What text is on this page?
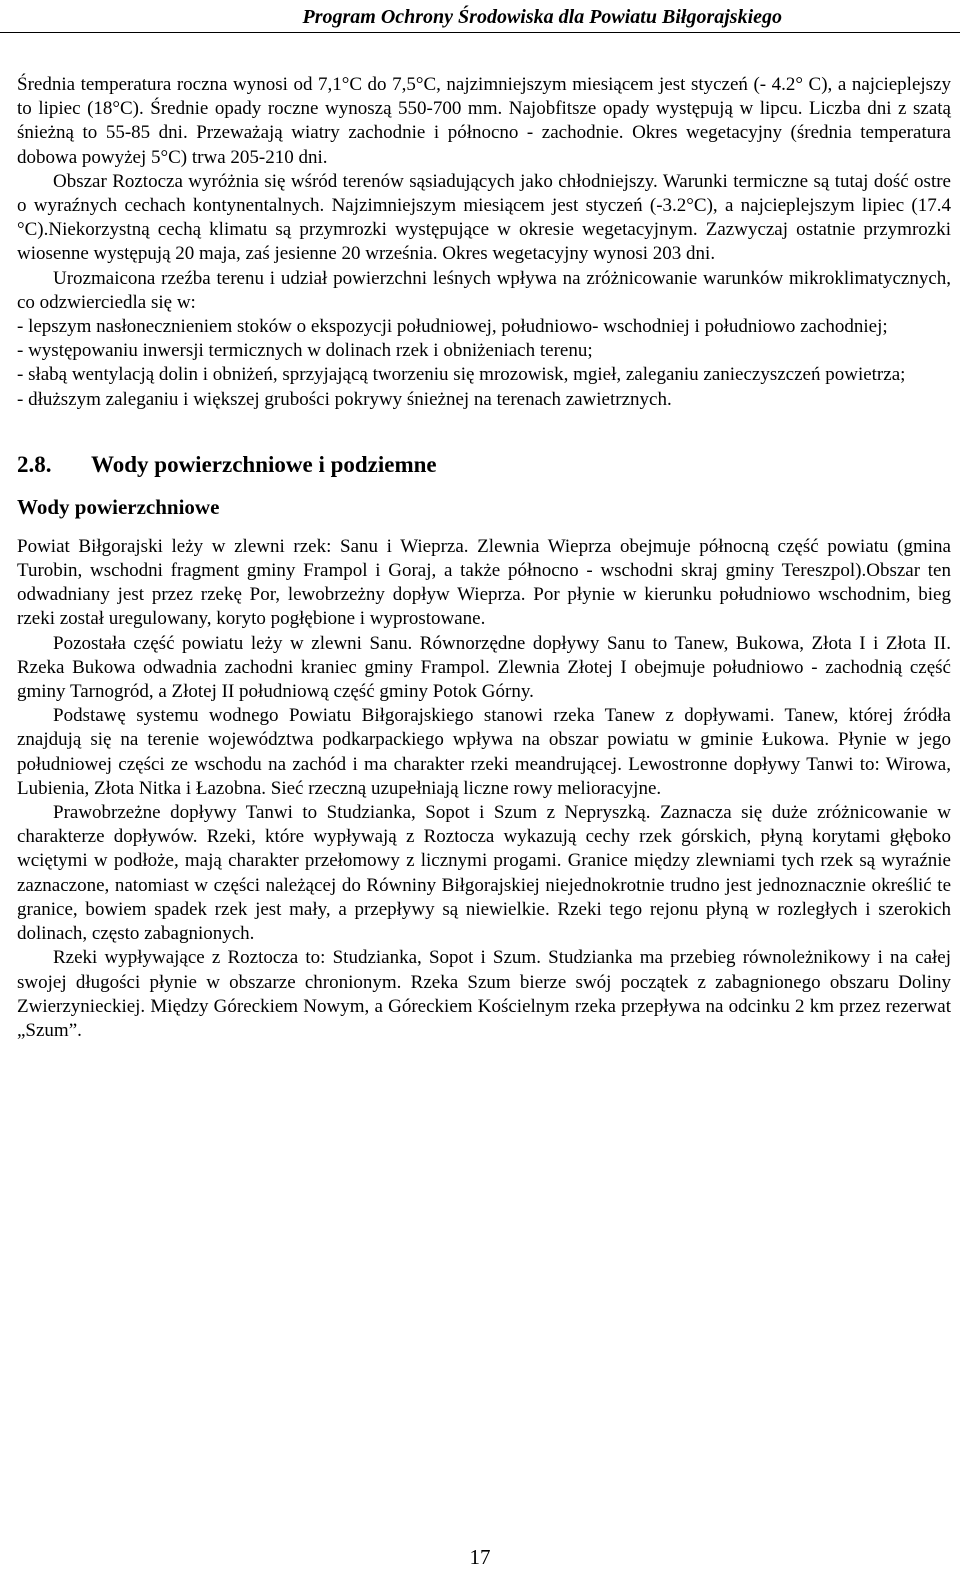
Program Ochrony Środowiska dla Powiatu Biłgorajskiego

Średnia temperatura roczna wynosi od 7,1°C do 7,5°C, najzimniejszym miesiącem jest styczeń (- 4.2° C), a najcieplejszy to lipiec (18°C). Średnie opady roczne wynoszą 550-700 mm. Najobfitsze opady występują w lipcu. Liczba dni z szatą śnieżną to 55-85 dni. Przeważają wiatry zachodnie i północno - zachodnie. Okres wegetacyjny (średnia temperatura dobowa powyżej 5°C) trwa 205-210 dni.

Obszar Roztocza wyróżnia się wśród terenów sąsiadujących jako chłodniejszy. Warunki termiczne są tutaj dość ostre o wyraźnych cechach kontynentalnych. Najzimniejszym miesiącem jest styczeń (-3.2°C), a najcieplejszym lipiec (17.4 °C).Niekorzystną cechą klimatu są przymrozki występujące w okresie wegetacyjnym. Zazwyczaj ostatnie przymrozki wiosenne występują 20 maja, zaś jesienne 20 września. Okres wegetacyjny wynosi 203 dni.

Urozmaicona rzeźba terenu i udział powierzchni leśnych wpływa na zróżnicowanie warunków mikroklimatycznych, co odzwierciedla się w:

- lepszym nasłonecznieniem stoków o ekspozycji południowej, południowo- wschodniej i południowo zachodniej;

- występowaniu inwersji termicznych w dolinach rzek i obniżeniach terenu;

- słabą wentylacją dolin i obniżeń, sprzyjającą tworzeniu się mrozowisk, mgieł, zaleganiu zanieczyszczeń powietrza;

- dłuższym zaleganiu i większej grubości pokrywy śnieżnej na terenach zawietrznych.

2.8. Wody powierzchniowe i podziemne
Wody powierzchniowe

Powiat Biłgorajski leży w zlewni rzek: Sanu i Wieprza. Zlewnia Wieprza obejmuje północną część powiatu (gmina Turobin, wschodni fragment gminy Frampol i Goraj, a także północno - wschodni skraj gminy Tereszpol).Obszar ten odwadniany jest przez rzekę Por, lewobrzeżny dopływ Wieprza. Por płynie w kierunku południowo wschodnim, bieg rzeki został uregulowany, koryto pogłębione i wyprostowane.

Pozostała część powiatu leży w zlewni Sanu. Równorzędne dopływy Sanu to Tanew, Bukowa, Złota I i Złota II. Rzeka Bukowa odwadnia zachodni kraniec gminy Frampol. Zlewnia Złotej I obejmuje południowo - zachodnią część gminy Tarnogród, a Złotej II południową część gminy Potok Górny.

Podstawę systemu wodnego Powiatu Biłgorajskiego stanowi rzeka Tanew z dopływami. Tanew, której źródła znajdują się na terenie województwa podkarpackiego wpływa na obszar powiatu w gminie Łukowa. Płynie w jego południowej części ze wschodu na zachód i ma charakter rzeki meandrującej. Lewostronne dopływy Tanwi to: Wirowa, Lubienia, Złota Nitka i Łazobna. Sieć rzeczną uzupełniają liczne rowy melioracyjne.

Prawobrzeżne dopływy Tanwi to Studzianka, Sopot i Szum z Nepryszką. Zaznacza się duże zróżnicowanie w charakterze dopływów. Rzeki, które wypływają z Roztocza wykazują cechy rzek górskich, płyną korytami głęboko wciętymi w podłoże, mają charakter przełomowy z licznymi progami. Granice między zlewniami tych rzek są wyraźnie zaznaczone, natomiast w części należącej do Równiny Biłgorajskiej niejednokrotnie trudno jest jednoznacznie określić te granice, bowiem spadek rzek jest mały, a przepływy są niewielkie. Rzeki tego rejonu płyną w rozległych i szerokich dolinach, często zabagnionych.

Rzeki wypływające z Roztocza to: Studzianka, Sopot i Szum. Studzianka ma przebieg równoleżnikowy i na całej swojej długości płynie w obszarze chronionym. Rzeka Szum bierze swój początek z zabagnionego obszaru Doliny Zwierzynieckiej. Między Góreckiem Nowym, a Góreckiem Kościelnym rzeka przepływa na odcinku 2 km przez rezerwat „Szum”.

17
